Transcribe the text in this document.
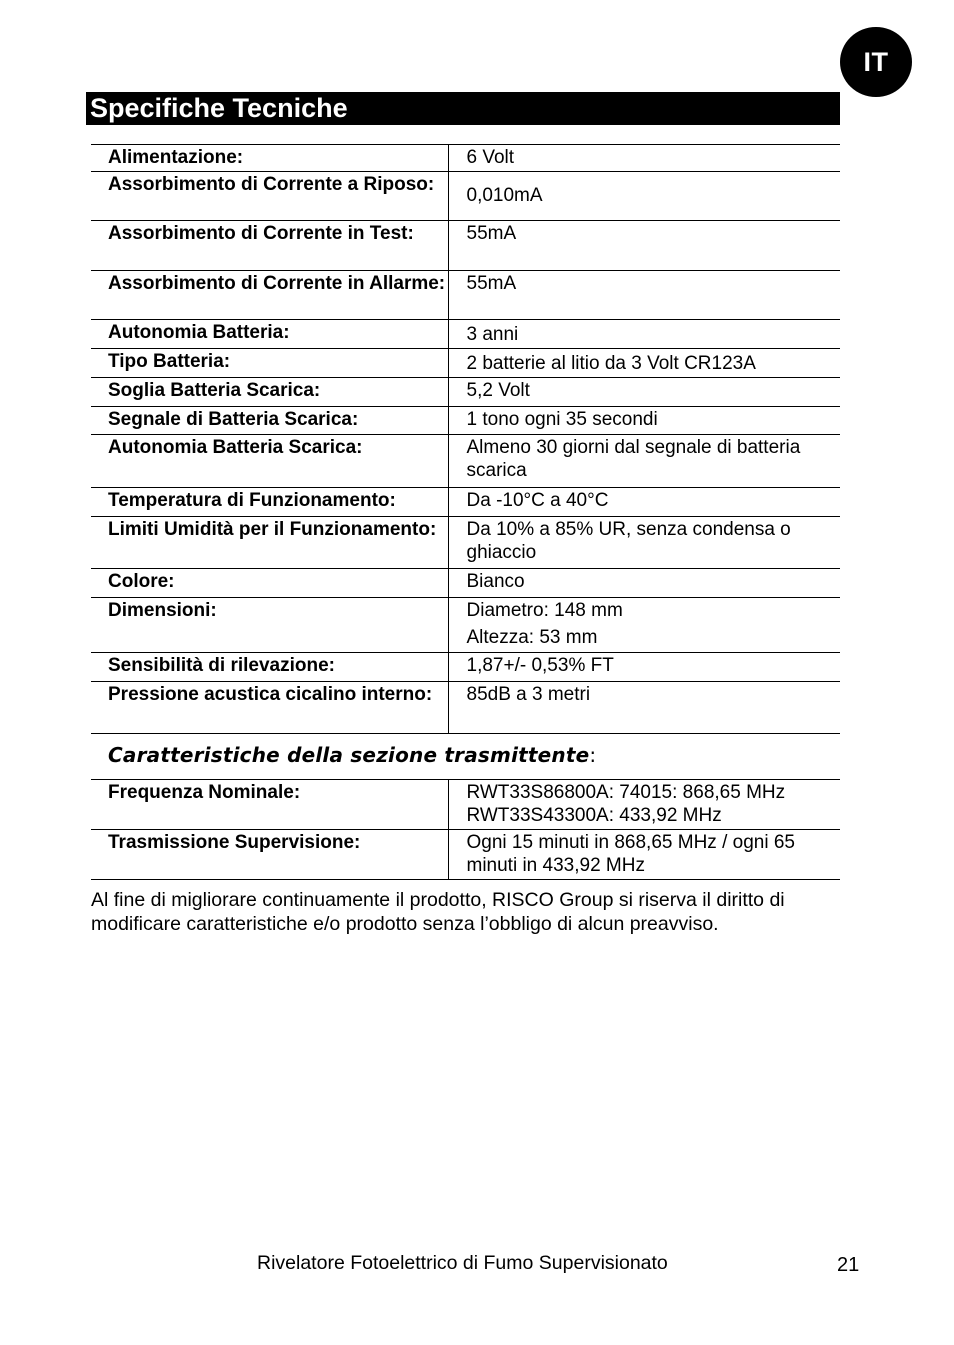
IT
Specifiche Tecniche
Alimentazione:	6 Volt
Assorbimento di Corrente a Riposo:	0,010mA
Assorbimento di Corrente in Test:	55mA
Assorbimento di Corrente in Allarme:	55mA
Autonomia Batteria:	3 anni
Tipo Batteria:	2 batterie al litio da 3 Volt CR123A
Soglia Batteria Scarica:	5,2 Volt
Segnale di Batteria Scarica:	1 tono ogni 35 secondi
Autonomia Batteria Scarica:	Almeno 30 giorni dal segnale di batteria scarica
Temperatura di Funzionamento:	Da -10°C a 40°C
Limiti Umidità per il Funzionamento:	Da 10% a 85% UR, senza condensa o ghiaccio
Colore:	Bianco
Dimensioni:	Diametro: 148 mm
Altezza: 53 mm

Sensibilità di rilevazione:	1,87+/- 0,53% FT
Pressione acustica cicalino interno:	85dB a 3 metri
Caratteristiche della sezione trasmittente:
Frequenza Nominale:	RWT33S86800A: 74015: 868,65 MHz RWT33S43300A: 433,92 MHz
Trasmissione Supervisione:	Ogni 15 minuti in 868,65 MHz / ogni 65 minuti in 433,92 MHz
Al fine di migliorare continuamente il prodotto, RISCO Group si riserva il diritto di modificare caratteristiche e/o prodotto senza l’obbligo di alcun preavviso.
Rivelatore Fotoelettrico di Fumo Supervisionato	21
